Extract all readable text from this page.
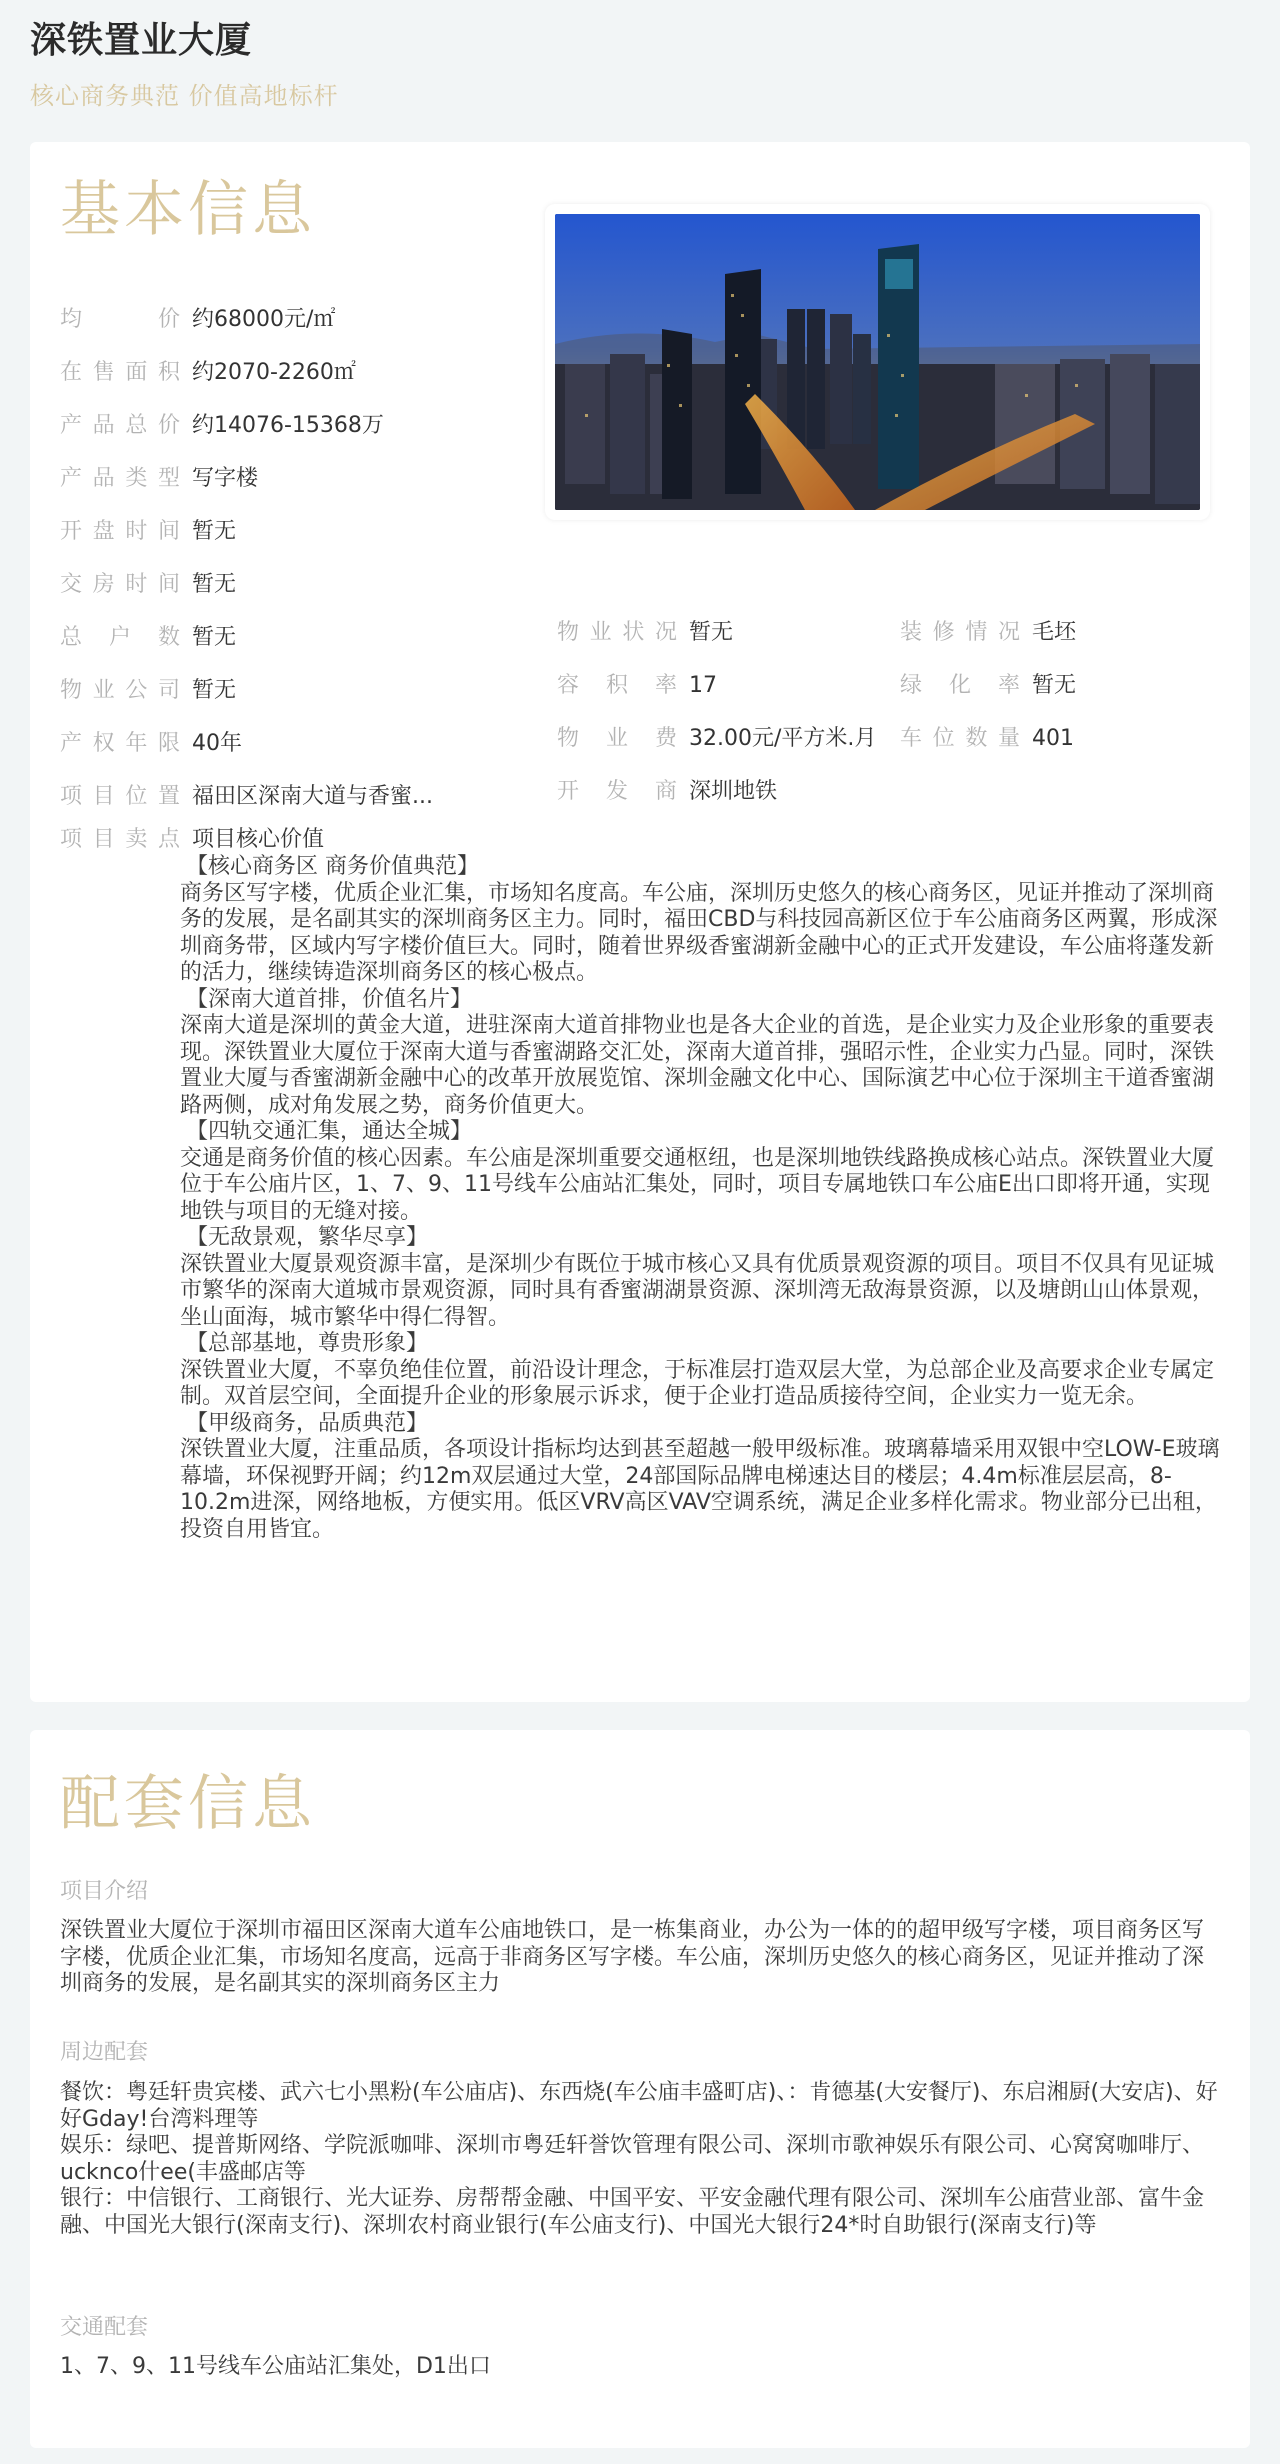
深铁置业大厦
核心商务典范 价值高地标杆
基本信息
均价 约68000元/㎡
在售面积 约2070-2260㎡
产品总价 约14076-15368万
产品类型 写字楼
开盘时间 暂无
交房时间 暂无
总户数 暂无
物业公司 暂无
产权年限 40年
项目位置 福田区深南大道与香蜜...
物业状况 暂无
容积率 17
物业费 32.00元/平方米.月
开发商 深圳地铁
装修情况 毛坯
绿化率 暂无
车位数量 401
项目卖点 项目核心价值
【核心商务区 商务价值典范】
商务区写字楼，优质企业汇集，市场知名度高。车公庙，深圳历史悠久的核心商务区，见证并推动了深圳商务的发展，是名副其实的深圳商务区主力。同时，福田CBD与科技园高新区位于车公庙商务区两翼，形成深圳商务带，区域内写字楼价值巨大。同时，随着世界级香蜜湖新金融中心的正式开发建设，车公庙将蓬发新的活力，继续铸造深圳商务区的核心极点。
【深南大道首排，价值名片】
深南大道是深圳的黄金大道，进驻深南大道首排物业也是各大企业的首选，是企业实力及企业形象的重要表现。深铁置业大厦位于深南大道与香蜜湖路交汇处，深南大道首排，强昭示性，企业实力凸显。同时，深铁置业大厦与香蜜湖新金融中心的改革开放展览馆、深圳金融文化中心、国际演艺中心位于深圳主干道香蜜湖路两侧，成对角发展之势，商务价值更大。
【四轨交通汇集，通达全城】
交通是商务价值的核心因素。车公庙是深圳重要交通枢纽，也是深圳地铁线路换成核心站点。深铁置业大厦位于车公庙片区，1、7、9、11号线车公庙站汇集处，同时，项目专属地铁口车公庙E出口即将开通，实现地铁与项目的无缝对接。
【无敌景观，繁华尽享】
深铁置业大厦景观资源丰富，是深圳少有既位于城市核心又具有优质景观资源的项目。项目不仅具有见证城市繁华的深南大道城市景观资源，同时具有香蜜湖湖景资源、深圳湾无敌海景资源，以及塘朗山山体景观，坐山面海，城市繁华中得仁得智。
【总部基地，尊贵形象】
深铁置业大厦，不辜负绝佳位置，前沿设计理念，于标准层打造双层大堂，为总部企业及高要求企业专属定制。双首层空间，全面提升企业的形象展示诉求，便于企业打造品质接待空间，企业实力一览无余。
【甲级商务，品质典范】
深铁置业大厦，注重品质，各项设计指标均达到甚至超越一般甲级标准。玻璃幕墙采用双银中空LOW-E玻璃幕墙，环保视野开阔；约12m双层通过大堂，24部国际品牌电梯速达目的楼层；4.4m标准层层高，8-10.2m进深，网络地板，方便实用。低区VRV高区VAV空调系统，满足企业多样化需求。物业部分已出租，投资自用皆宜。
配套信息
项目介绍
深铁置业大厦位于深圳市福田区深南大道车公庙地铁口，是一栋集商业，办公为一体的的超甲级写字楼，项目商务区写字楼，优质企业汇集，市场知名度高，远高于非商务区写字楼。车公庙，深圳历史悠久的核心商务区，见证并推动了深圳商务的发展，是名副其实的深圳商务区主力
周边配套
餐饮：粤廷轩贵宾楼、武六七小黑粉(车公庙店)、东西烧(车公庙丰盛町店)、：肯德基(大安餐厅)、东启湘厨(大安店)、好好Gday!台湾料理等
娱乐：绿吧、提普斯网络、学院派咖啡、深圳市粤廷轩誉饮管理有限公司、深圳市歌神娱乐有限公司、心窝窝咖啡厅、ucknco什ee(丰盛邮店等
银行：中信银行、工商银行、光大证券、房帮帮金融、中国平安、平安金融代理有限公司、深圳车公庙营业部、富牛金融、中国光大银行(深南支行)、深圳农村商业银行(车公庙支行)、中国光大银行24*时自助银行(深南支行)等
交通配套
1、7、9、11号线车公庙站汇集处，D1出口
